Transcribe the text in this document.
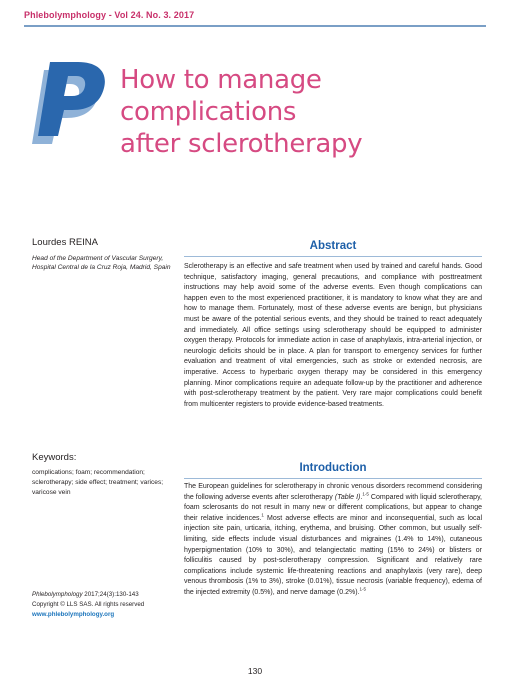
Phlebolymphology - Vol 24. No. 3. 2017
How to manage complications
after sclerotherapy
Lourdes REINA
Head of the Department of Vascular Surgery, Hospital Central de la Cruz Roja, Madrid, Spain
Keywords:
complications; foam; recommendation; sclerotherapy; side effect; treatment; varices; varicose vein
Phlebolymphology 2017;24(3):130-143
Copyright © LLS SAS. All rights reserved
www.phlebolymphology.org
Abstract
Sclerotherapy is an effective and safe treatment when used by trained and careful hands. Good technique, satisfactory imaging, general precautions, and compliance with posttreatment instructions may help avoid some of the adverse events. Even though complications can happen even to the most experienced practitioner, it is mandatory to know what they are and how to manage them. Fortunately, most of these adverse events are benign, but physicians must be aware of the potential serious events, and they should be trained to react adequately and immediately. All office settings using sclerotherapy should be equipped to administer oxygen therapy. Protocols for immediate action in case of anaphylaxis, intra-arterial injection, or neurologic deficits should be in place. A plan for transport to emergency services for further evaluation and treatment of vital emergencies, such as stroke or extended necrosis, are imperative. Access to hyperbaric oxygen therapy may be considered in this emergency planning. Minor complications require an adequate follow-up by the practitioner and adherence with post-sclerotherapy treatment by the patient. Very rare major complications could benefit from multicenter registers to provide evidence-based treatments.
Introduction
The European guidelines for sclerotherapy in chronic venous disorders recommend considering the following adverse events after sclerotherapy (Table I).$^{1-5}$ Compared with liquid sclerotherapy, foam sclerosants do not result in many new or different complications, but appear to change their relative incidences.$^1$ Most adverse effects are minor and inconsequential, such as local injection site pain, urticaria, itching, erythema, and bruising. Other common, but usually self-limiting, side effects include visual disturbances and migraines (1.4% to 14%), cutaneous hyperpigmentation (10% to 30%), and telangiectatic matting (15% to 24%) or blisters or folliculitis caused by post-sclerotherapy compression. Significant and relatively rare complications include systemic life-threatening reactions and anaphylaxis (very rare), deep venous thrombosis (1% to 3%), stroke (0.01%), tissue necrosis (variable frequency), edema of the injected extremity (0.5%), and nerve damage (0.2%).$^{1-5}$
130
